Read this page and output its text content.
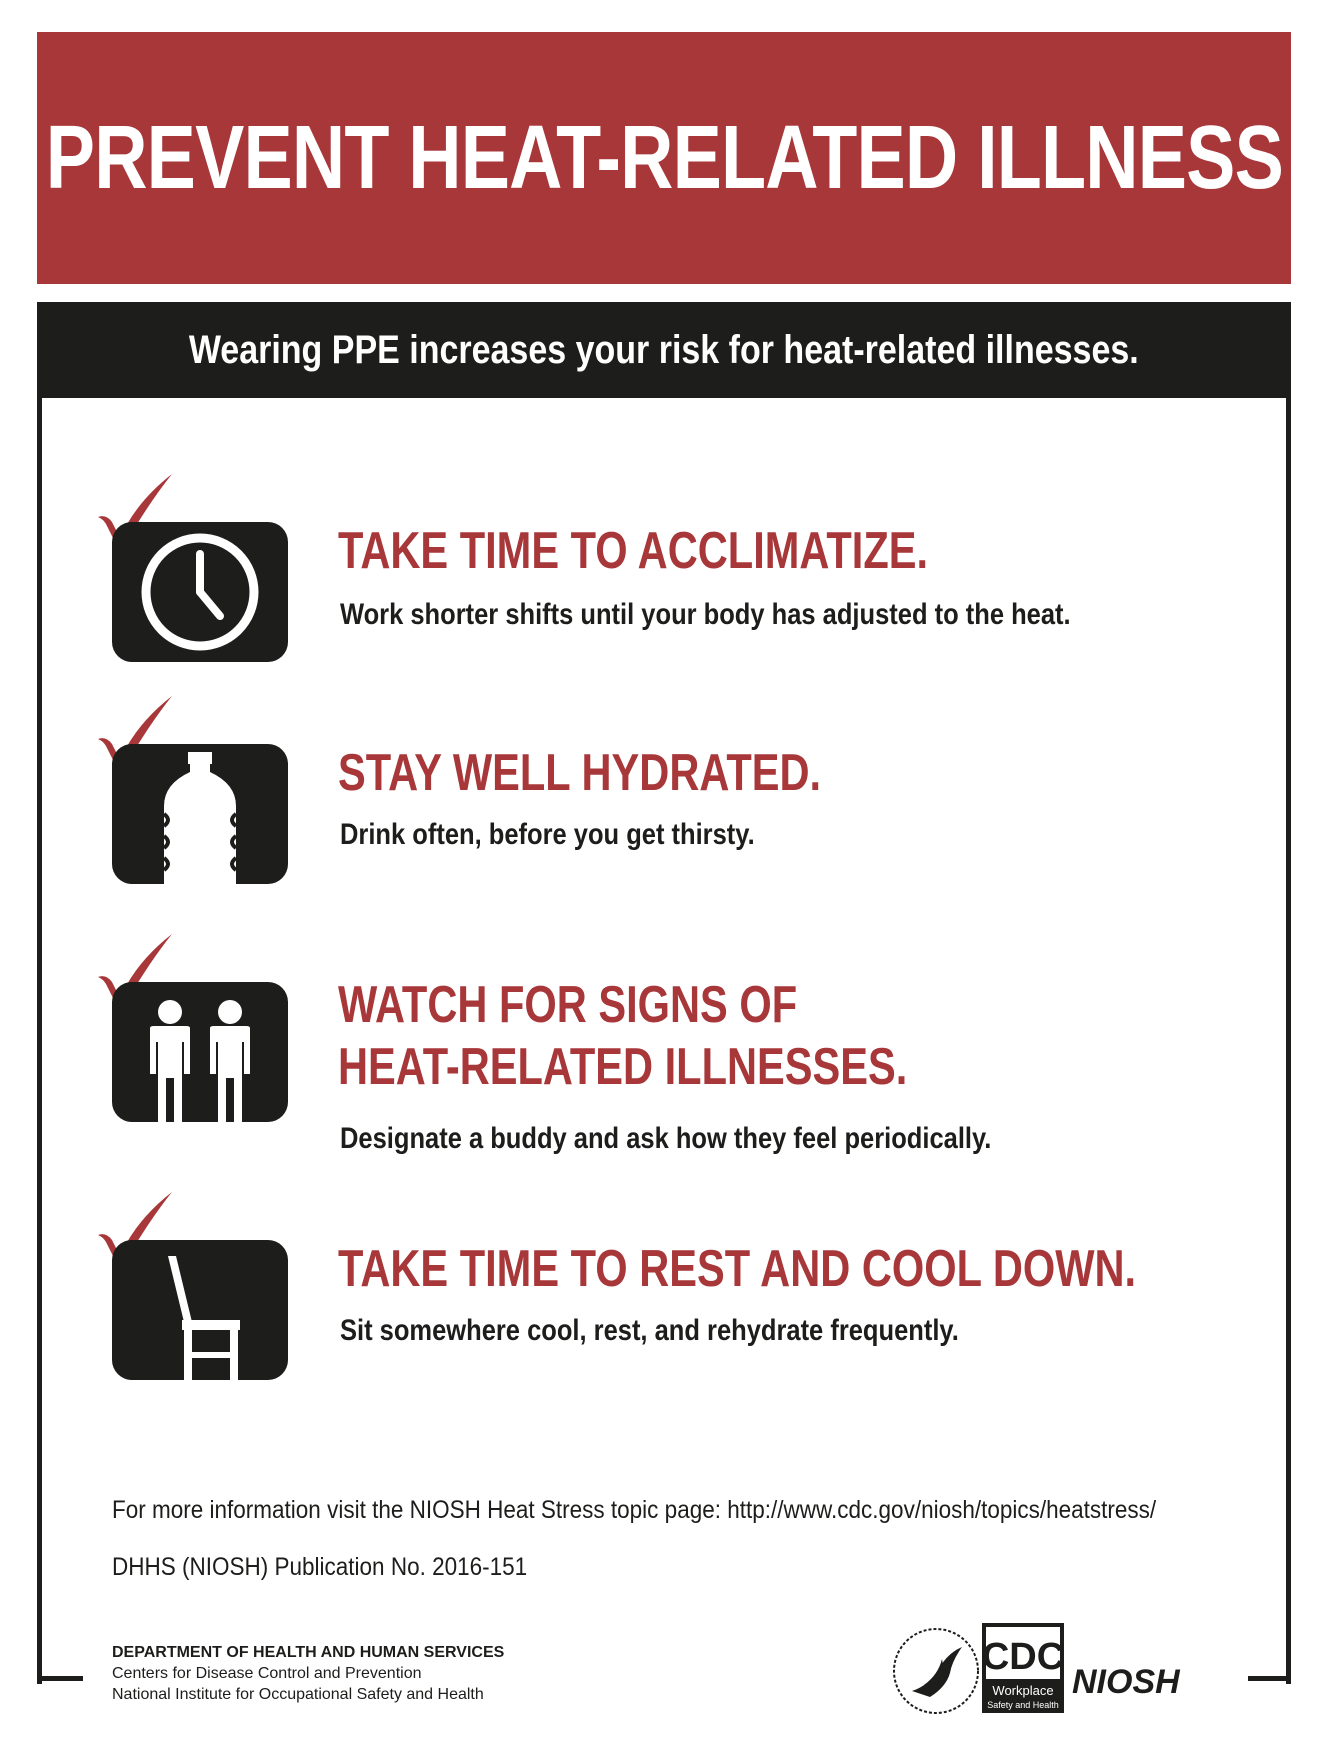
PREVENT HEAT-RELATED ILLNESS
Wearing PPE increases your risk for heat-related illnesses.
TAKE TIME TO ACCLIMATIZE.
Work shorter shifts until your body has adjusted to the heat.
STAY WELL HYDRATED.
Drink often, before you get thirsty.
WATCH FOR SIGNS OF
HEAT-RELATED ILLNESSES.
Designate a buddy and ask how they feel periodically.
TAKE TIME TO REST AND COOL DOWN.
Sit somewhere cool, rest, and rehydrate frequently.
For more information visit the NIOSH Heat Stress topic page: http://www.cdc.gov/niosh/topics/heatstress/
DHHS (NIOSH) Publication No. 2016-151
DEPARTMENT OF HEALTH AND HUMAN SERVICES
Centers for Disease Control and Prevention
National Institute for Occupational Safety and Health
CDC
Workplace
Safety and Health
NIOSH
